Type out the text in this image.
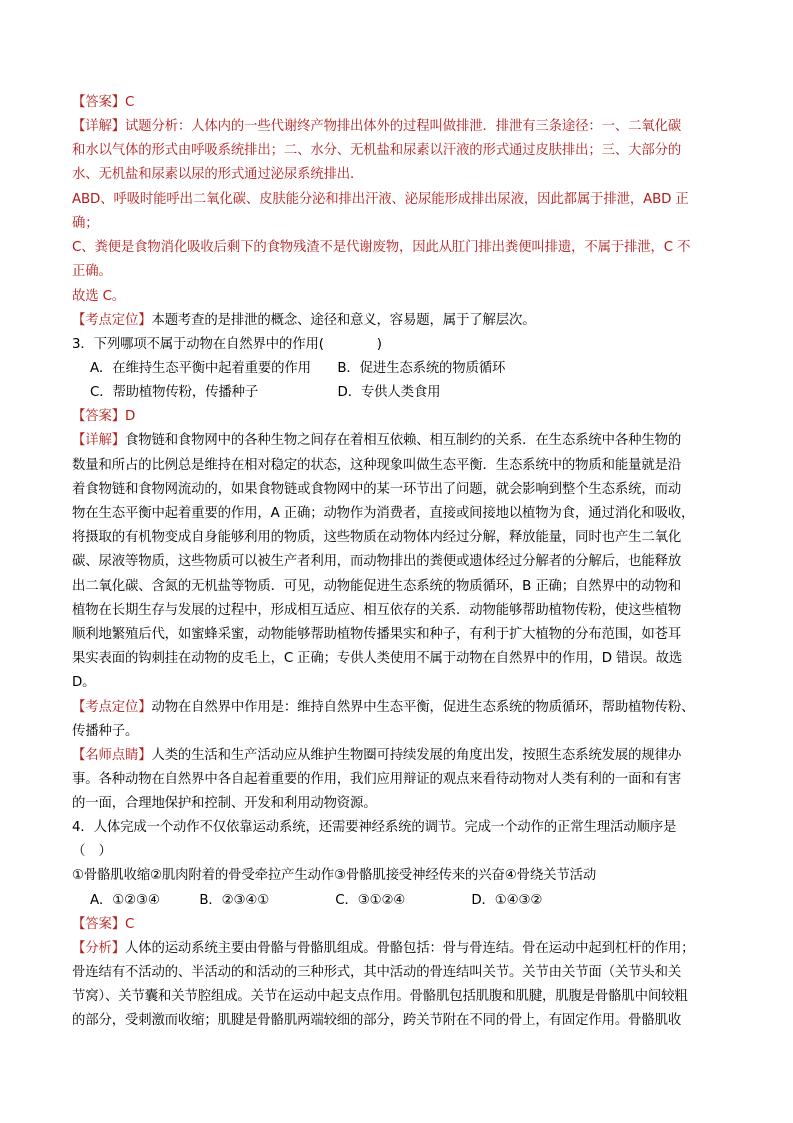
【答案】C
【详解】试题分析：人体内的一些代谢终产物排出体外的过程叫做排泄．排泄有三条途径：一、二氧化碳
和水以气体的形式由呼吸系统排出；二、水分、无机盐和尿素以汗液的形式通过皮肤排出；三、大部分的
水、无机盐和尿素以尿的形式通过泌尿系统排出．
ABD、呼吸时能呼出二氧化碳、皮肤能分泌和排出汗液、泌尿能形成排出尿液，因此都属于排泄，ABD 正
确；
C、粪便是食物消化吸收后剩下的食物残渣不是代谢废物，因此从肛门排出粪便叫排遗，不属于排泄，C 不
正确。
故选 C。
【考点定位】本题考查的是排泄的概念、途径和意义，容易题，属于了解层次。
3．下列哪项不属于动物在自然界中的作用(　　　　)
A．在维持生态平衡中起着重要的作用　　B．促进生态系统的物质循环
C．帮助植物传粉，传播种子　　　　　　D．专供人类食用
【答案】D
【详解】食物链和食物网中的各种生物之间存在着相互依赖、相互制约的关系．在生态系统中各种生物的
数量和所占的比例总是维持在相对稳定的状态，这种现象叫做生态平衡．生态系统中的物质和能量就是沿
着食物链和食物网流动的，如果食物链或食物网中的某一环节出了问题，就会影响到整个生态系统，而动
物在生态平衡中起着重要的作用，A 正确；动物作为消费者，直接或间接地以植物为食，通过消化和吸收，
将摄取的有机物变成自身能够利用的物质，这些物质在动物体内经过分解，释放能量，同时也产生二氧化
碳、尿液等物质，这些物质可以被生产者利用，而动物排出的粪便或遗体经过分解者的分解后，也能释放
出二氧化碳、含氮的无机盐等物质．可见，动物能促进生态系统的物质循环，B 正确；自然界中的动物和
植物在长期生存与发展的过程中，形成相互适应、相互依存的关系．动物能够帮助植物传粉，使这些植物
顺利地繁殖后代，如蜜蜂采蜜，动物能够帮助植物传播果实和种子，有利于扩大植物的分布范围，如苍耳
果实表面的钩刺挂在动物的皮毛上，C 正确；专供人类使用不属于动物在自然界中的作用，D 错误。故选
D。
【考点定位】动物在自然界中作用是：维持自然界中生态平衡，促进生态系统的物质循环，帮助植物传粉、
传播种子。
【名师点睛】人类的生活和生产活动应从维护生物圈可持续发展的角度出发，按照生态系统发展的规律办
事。各种动物在自然界中各自起着重要的作用，我们应用辩证的观点来看待动物对人类有利的一面和有害
的一面，合理地保护和控制、开发和利用动物资源。
4．人体完成一个动作不仅依靠运动系统，还需要神经系统的调节。完成一个动作的正常生理活动顺序是
（　）
①骨骼肌收缩②肌肉附着的骨受牵拉产生动作③骨骼肌接受神经传来的兴奋④骨绕关节活动
A．①②③④　　　B．②③④①　　　　　C．③①②④　　　　　D．①④③②
【答案】C
【分析】人体的运动系统主要由骨骼与骨骼肌组成。骨骼包括：骨与骨连结。骨在运动中起到杠杆的作用；
骨连结有不活动的、半活动的和活动的三种形式，其中活动的骨连结叫关节。关节由关节面（关节头和关
节窝）、关节囊和关节腔组成。关节在运动中起支点作用。骨骼肌包括肌腹和肌腱，肌腹是骨骼肌中间较粗
的部分，受刺激而收缩；肌腱是骨骼肌两端较细的部分，跨关节附在不同的骨上，有固定作用。骨骼肌收
